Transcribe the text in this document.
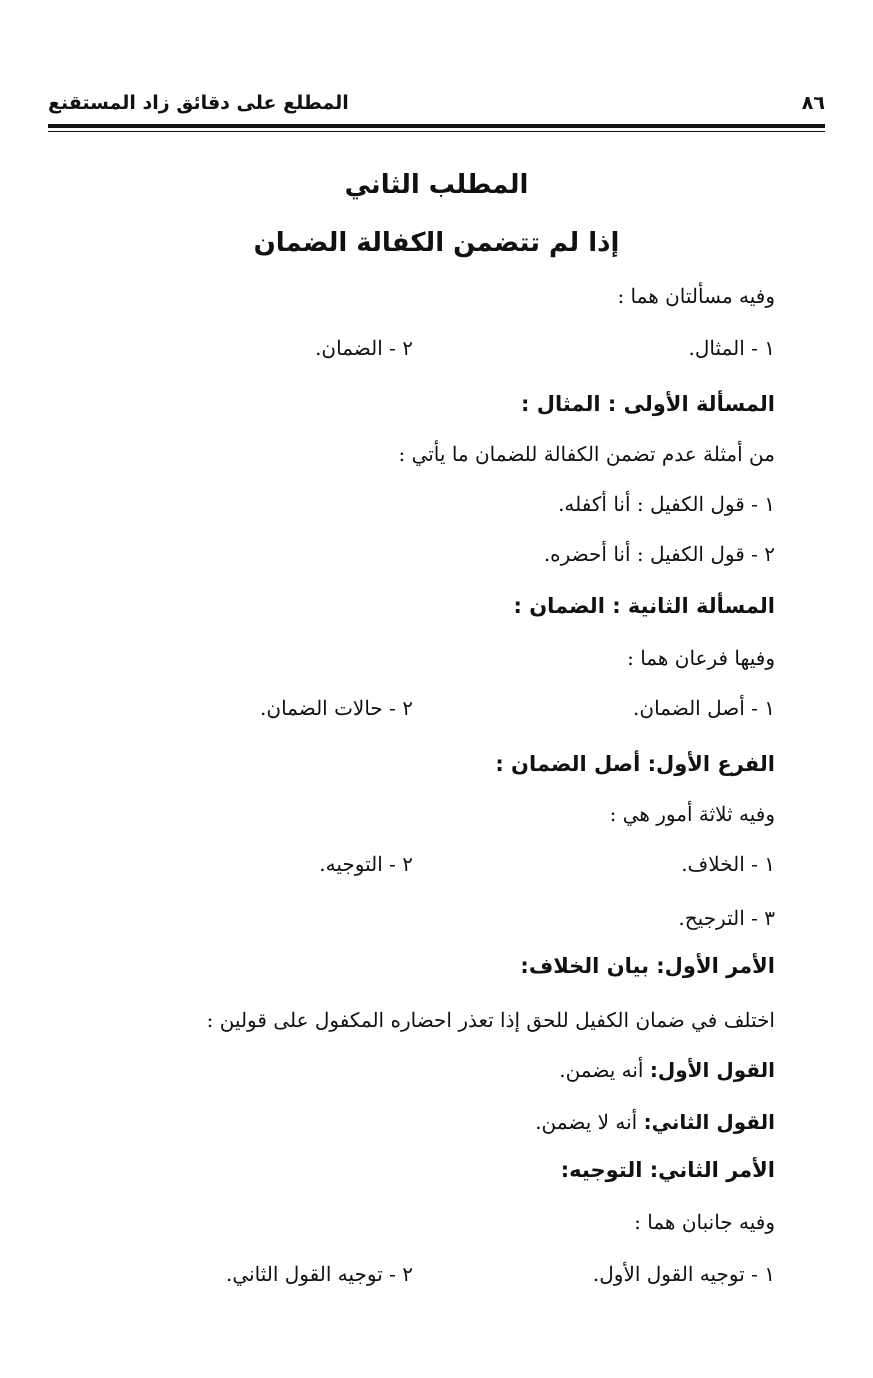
٨٦
المطلع على دقائق زاد المستقنع
المطلب الثاني
إذا لم تتضمن الكفالة الضمان
وفيه مسألتان هما :
١ - المثال.
٢ - الضمان.
المسألة الأولى : المثال :
من أمثلة عدم تضمن الكفالة للضمان ما يأتي :
١ - قول الكفيل : أنا أكفله.
٢ - قول الكفيل : أنا أحضره.
المسألة الثانية : الضمان :
وفيها فرعان هما :
١ - أصل الضمان.
٢ - حالات الضمان.
الفرع الأول: أصل الضمان :
وفيه ثلاثة أمور هي :
١ - الخلاف.
٢ - التوجيه.
٣ - الترجيح.
الأمر الأول: بيان الخلاف:
اختلف في ضمان الكفيل للحق إذا تعذر احضاره المكفول على قولين :
القول الأول: أنه يضمن.
القول الثاني: أنه لا يضمن.
الأمر الثاني: التوجيه:
وفيه جانبان هما :
١ - توجيه القول الأول.
٢ - توجيه القول الثاني.
